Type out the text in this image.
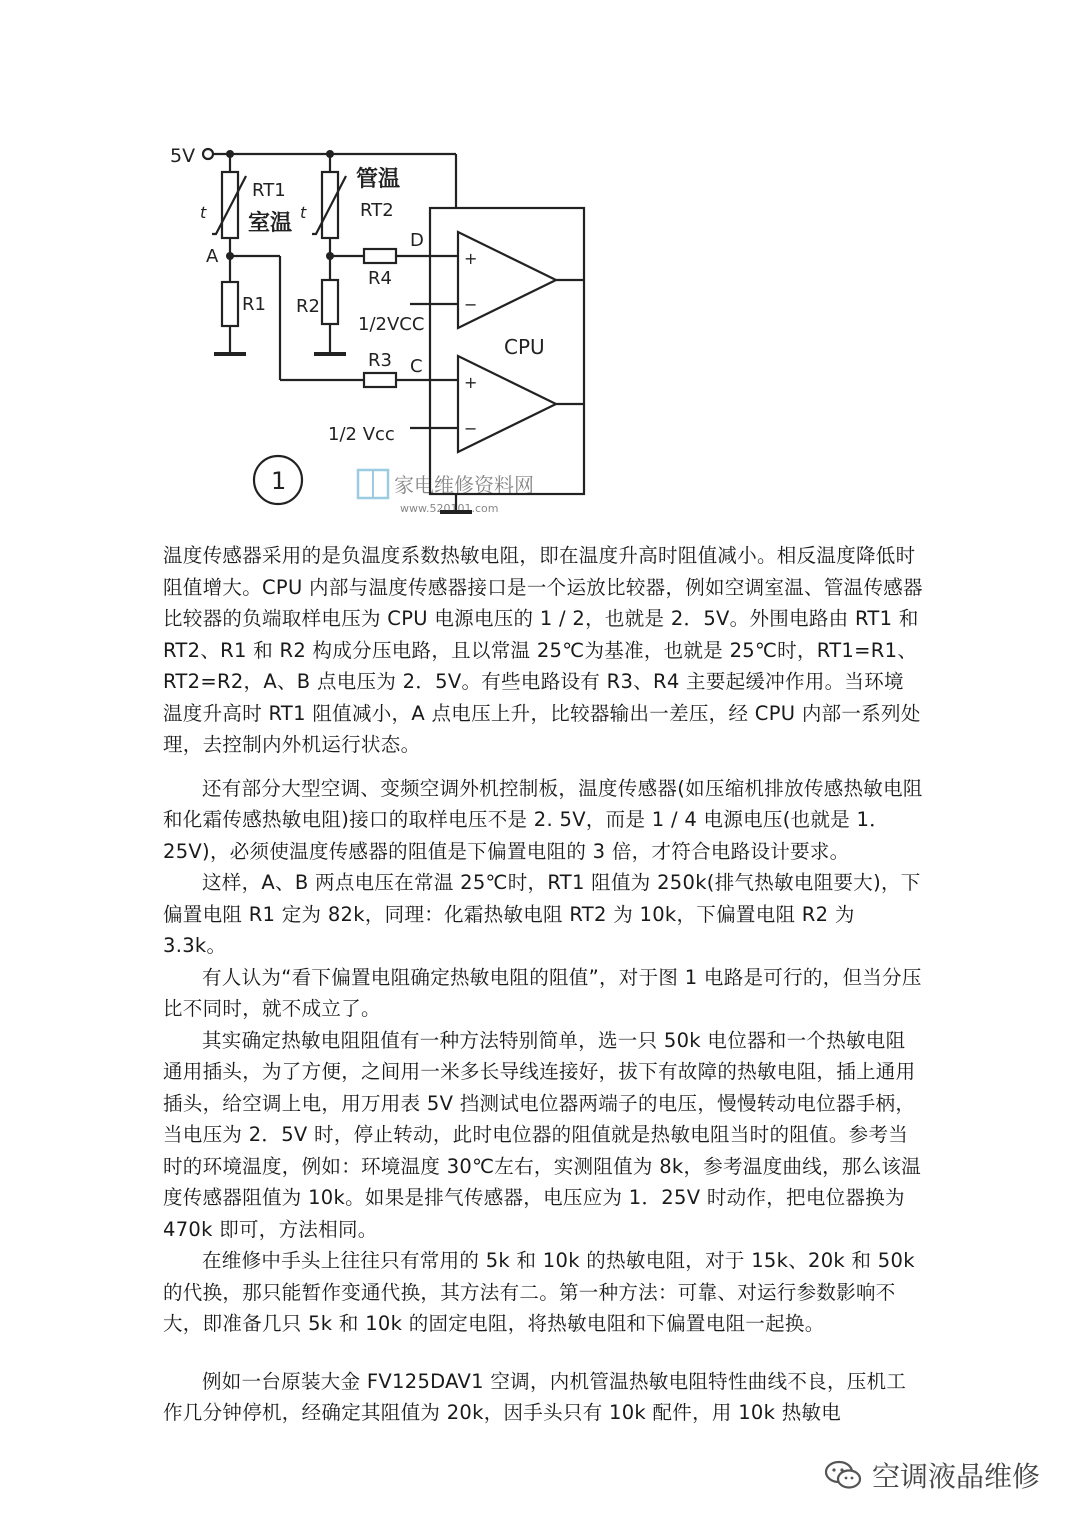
5V
RT1
室温
t
管温
RT2
t
A
R1 R2
R4
R3
D
C
1/2VCC
1/2 Vcc
CPU
+
−
+
−
1	家电维修资料网
www.520101.com

温度传感器采用的是负温度系数热敏电阻，即在温度升高时阻值减小。相反温度降低时阻值增大。CPU 内部与温度传感器接口是一个运放比较器，例如空调室温、管温传感器比较器的负端取样电压为 CPU 电源电压的 1 / 2，也就是 2．5V。外围电路由 RT1 和 RT2、R1 和 R2 构成分压电路，且以常温 25℃为基准，也就是 25℃时，RT1=R1、RT2=R2，A、B 点电压为 2．5V。有些电路设有 R3、R4 主要起缓冲作用。当环境温度升高时 RT1 阻值减小，A 点电压上升，比较器输出一差压，经 CPU 内部一系列处理，去控制内外机运行状态。

还有部分大型空调、变频空调外机控制板，温度传感器(如压缩机排放传感热敏电阻和化霜传感热敏电阻)接口的取样电压不是 2. 5V，而是 1 / 4 电源电压(也就是 1．25V)，必须使温度传感器的阻值是下偏置电阻的 3 倍，才符合电路设计要求。

这样，A、B 两点电压在常温 25℃时，RT1 阻值为 250k(排气热敏电阻要大)，下偏置电阻 R1 定为 82k，同理：化霜热敏电阻 RT2 为 10k，下偏置电阻 R2 为 3.3k。

有人认为“看下偏置电阻确定热敏电阻的阻值”，对于图 1 电路是可行的，但当分压比不同时，就不成立了。

其实确定热敏电阻阻值有一种方法特别简单，选一只 50k 电位器和一个热敏电阻通用插头，为了方便，之间用一米多长导线连接好，拔下有故障的热敏电阻，插上通用插头，给空调上电，用万用表 5V 挡测试电位器两端子的电压，慢慢转动电位器手柄，当电压为 2．5V 时，停止转动，此时电位器的阻值就是热敏电阻当时的阻值。参考当时的环境温度，例如：环境温度 30℃左右，实测阻值为 8k，参考温度曲线，那么该温度传感器阻值为 10k。如果是排气传感器，电压应为 1．25V 时动作，把电位器换为 470k 即可，方法相同。

在维修中手头上往往只有常用的 5k 和 10k 的热敏电阻，对于 15k、20k 和 50k 的代换，那只能暂作变通代换，其方法有二。第一种方法：可靠、对运行参数影响不大，即准备几只 5k 和 10k 的固定电阻，将热敏电阻和下偏置电阻一起换。

例如一台原装大金 FV125DAV1 空调，内机管温热敏电阻特性曲线不良，压机工作几分钟停机，经确定其阻值为 20k，因手头只有 10k 配件，用 10k 热敏电

空调液晶维修
